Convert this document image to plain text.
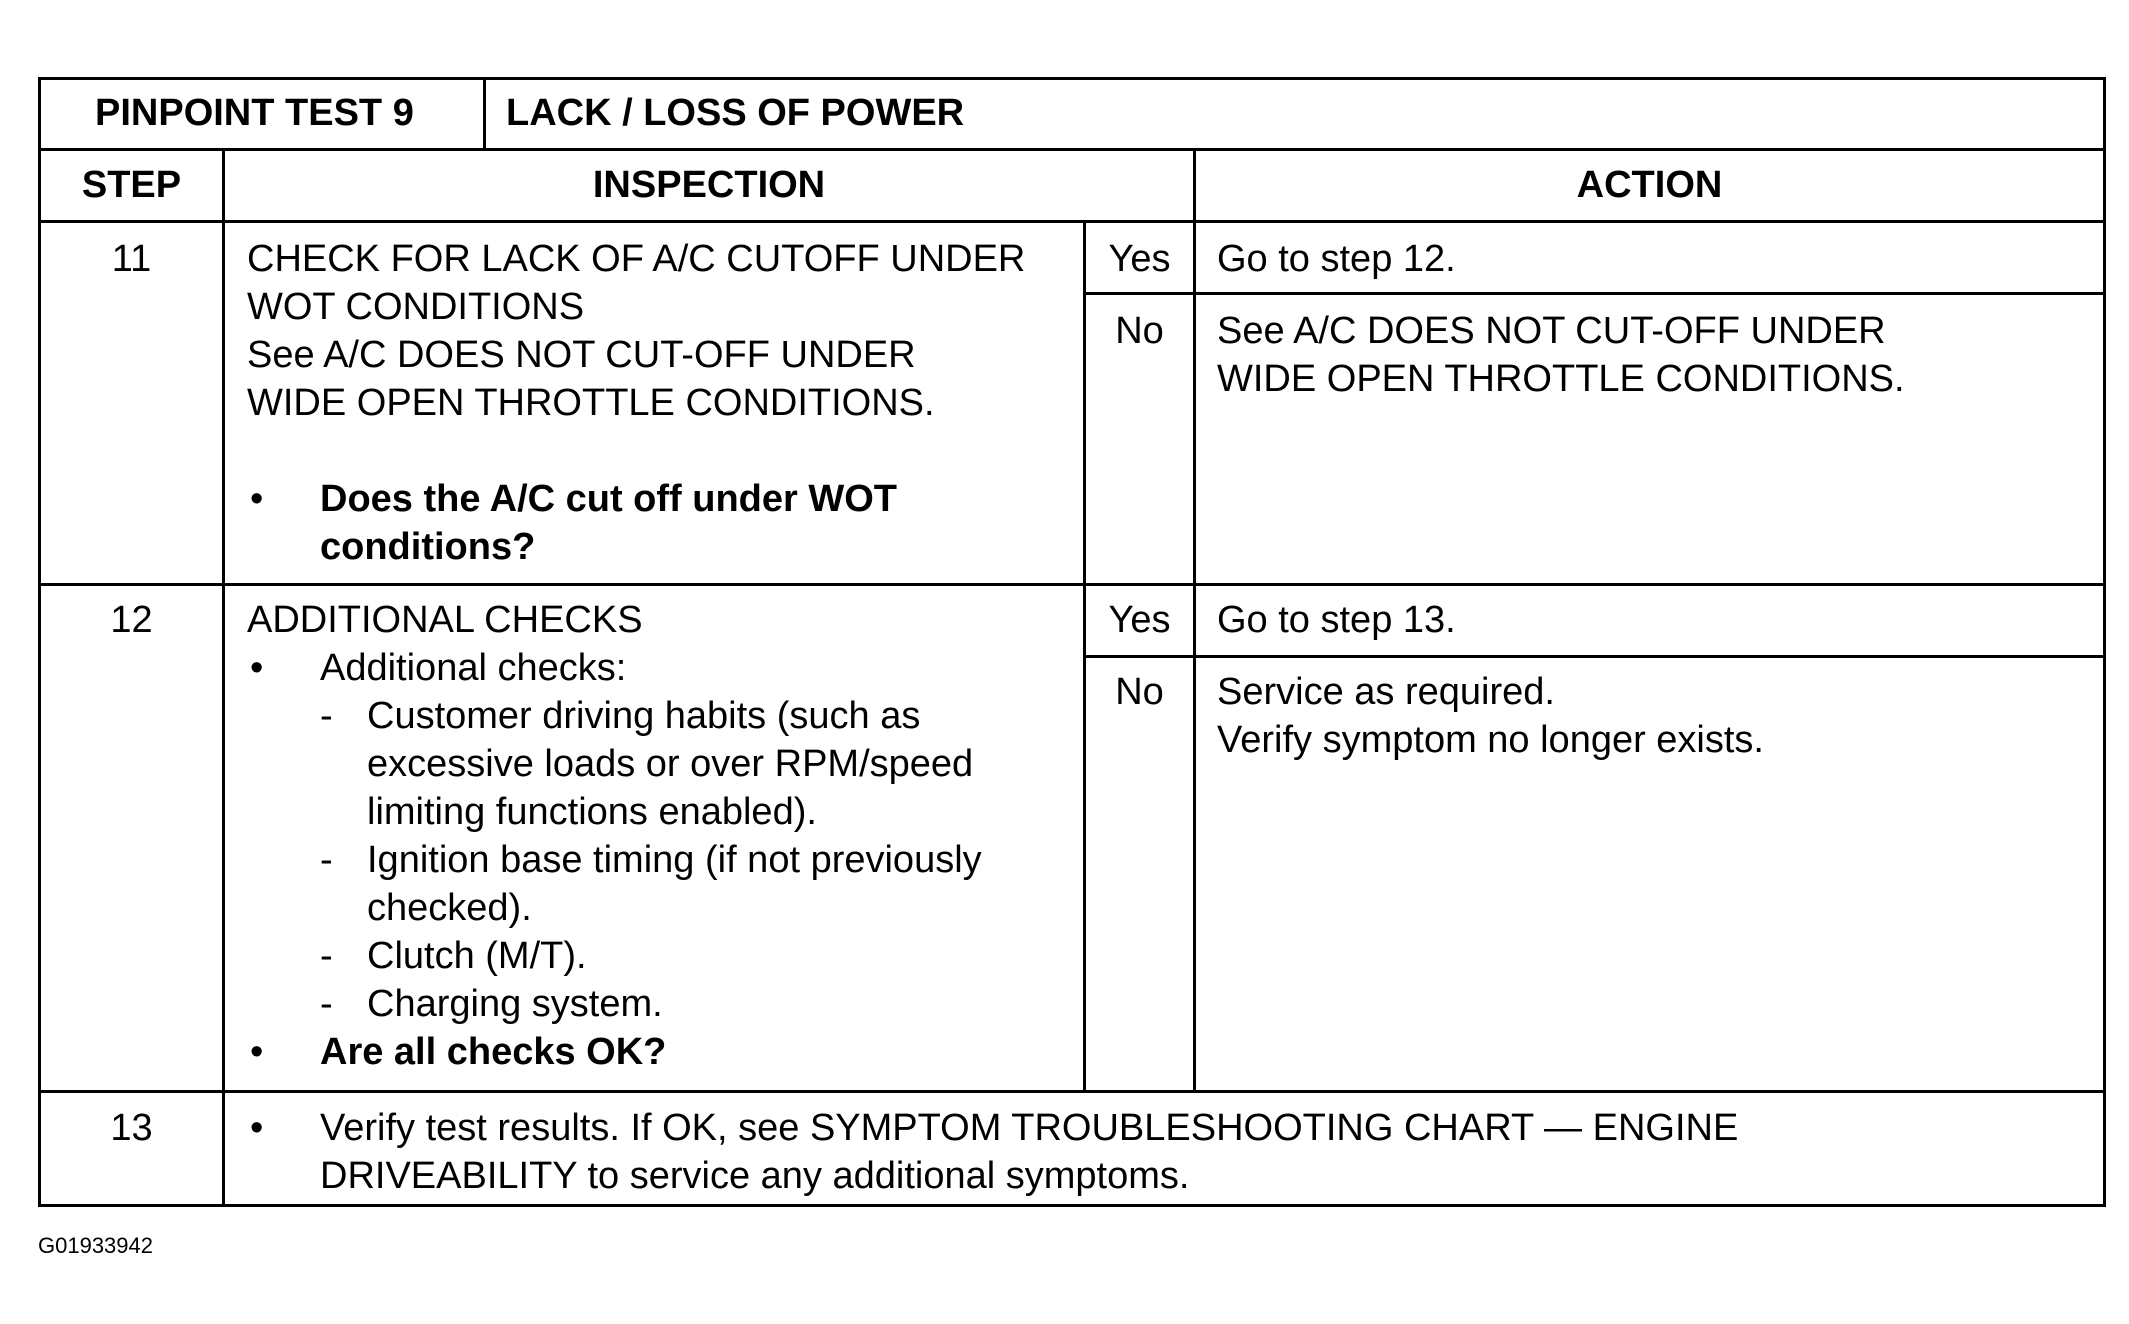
PINPOINT TEST 9 LACK / LOSS OF POWER
STEP	INSPECTION	ACTION
11	CHECK FOR LACK OF A/C CUTOFF UNDER
WOT CONDITIONS
See A/C DOES NOT CUT-OFF UNDER
WIDE OPEN THROTTLE CONDITIONS.
• Does the A/C cut off under WOT
conditions?
Yes	Go to step 12.
No	See A/C DOES NOT CUT-OFF UNDER
WIDE OPEN THROTTLE CONDITIONS.
12	ADDITIONAL CHECKS
• Additional checks:
- Customer driving habits (such as
excessive loads or over RPM/speed
limiting functions enabled).
- Ignition base timing (if not previously
checked).
- Clutch (M/T).
- Charging system.
• Are all checks OK?
Yes	Go to step 13.
No	Service as required.
Verify symptom no longer exists.
13	• Verify test results. If OK, see SYMPTOM TROUBLESHOOTING CHART — ENGINE
DRIVEABILITY to service any additional symptoms.
G01933942
